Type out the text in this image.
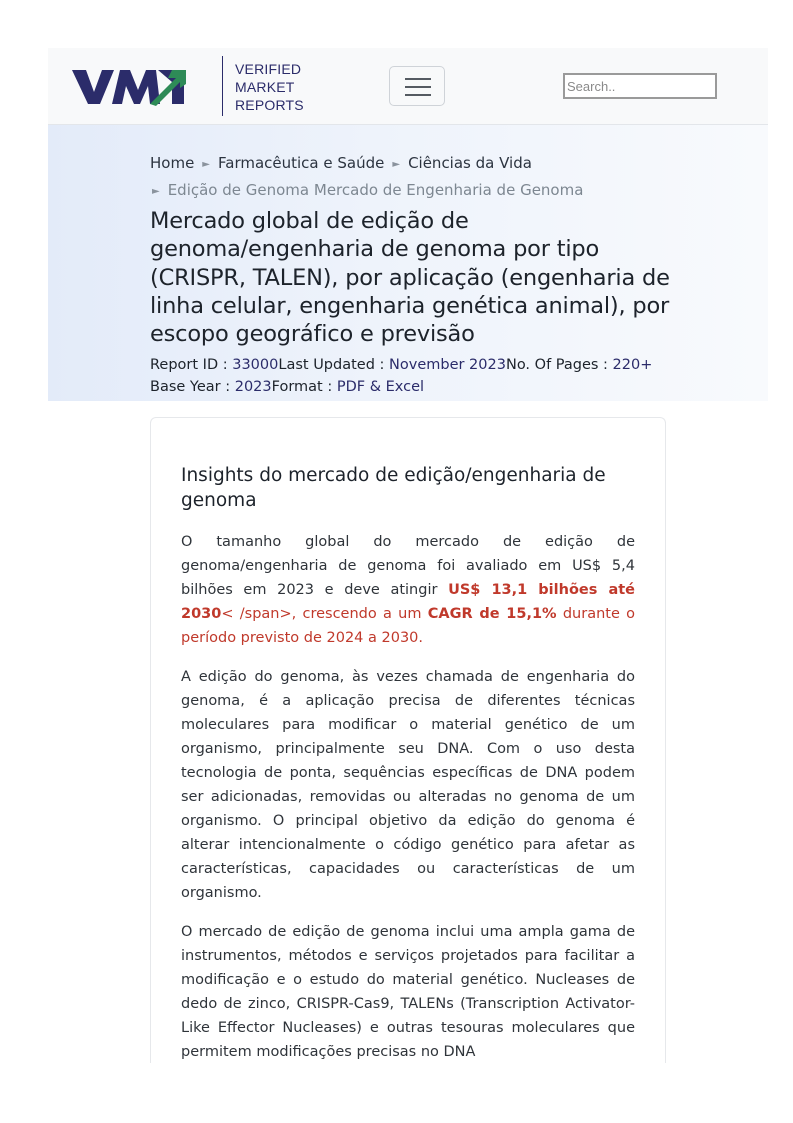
VERIFIED
MARKET
REPORTS
Search..
Home ► Farmacêutica e Saúde ► Ciências da Vida
► Edição de Genoma Mercado de Engenharia de Genoma
Mercado global de edição de genoma/engenharia de genoma por tipo (CRISPR, TALEN), por aplicação (engenharia de linha celular, engenharia genética animal), por escopo geográfico e previsão
Report ID : 33000Last Updated : November 2023No. Of Pages : 220+
Base Year : 2023Format : PDF & Excel
Insights do mercado de edição/engenharia de genoma

O tamanho global do mercado de edição de genoma/engenharia de genoma foi avaliado em US$ 5,4 bilhões em 2023 e deve atingir US$ 13,1 bilhões até 2030< /span>, crescendo a um CAGR de 15,1% durante o período previsto de 2024 a 2030.

A edição do genoma, às vezes chamada de engenharia do genoma, é a aplicação precisa de diferentes técnicas moleculares para modificar o material genético de um organismo, principalmente seu DNA. Com o uso desta tecnologia de ponta, sequências específicas de DNA podem ser adicionadas, removidas ou alteradas no genoma de um organismo. O principal objetivo da edição do genoma é alterar intencionalmente o código genético para afetar as características, capacidades ou características de um organismo.

O mercado de edição de genoma inclui uma ampla gama de instrumentos, métodos e serviços projetados para facilitar a modificação e o estudo do material genético. Nucleases de dedo de zinco, CRISPR-Cas9, TALENs (Transcription Activator-Like Effector Nucleases) e outras tesouras moleculares que permitem modificações precisas no DNA
